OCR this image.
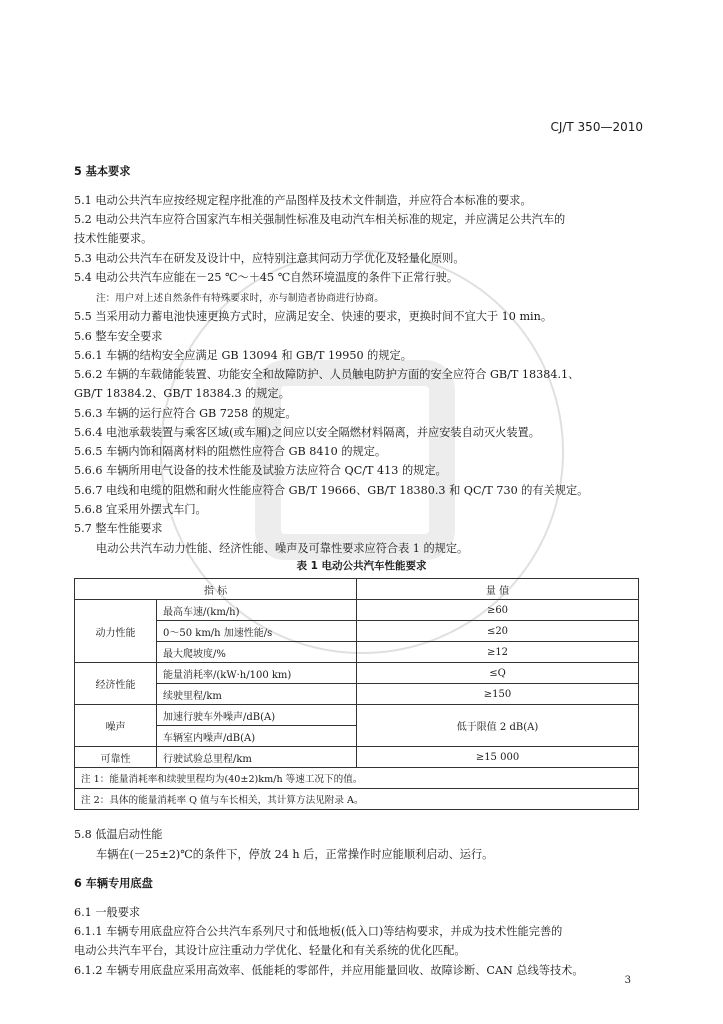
CJ/T 350—2010
5 基本要求
5.1 电动公共汽车应按经规定程序批准的产品图样及技术文件制造，并应符合本标准的要求。
5.2 电动公共汽车应符合国家汽车相关强制性标准及电动汽车相关标准的规定，并应满足公共汽车的
技术性能要求。
5.3 电动公共汽车在研发及设计中，应特别注意其问动力学优化及轻量化原则。
5.4 电动公共汽车应能在－25 ℃～＋45 ℃自然环境温度的条件下正常行驶。
注：用户对上述自然条件有特殊要求时，亦与制造者协商进行协商。
5.5 当采用动力蓄电池快速更换方式时，应满足安全、快速的要求，更换时间不宜大于 10 min。
5.6 整车安全要求
5.6.1 车辆的结构安全应满足 GB 13094 和 GB/T 19950 的规定。
5.6.2 车辆的车载储能装置、功能安全和故障防护、人员触电防护方面的安全应符合 GB/T 18384.1、
GB/T 18384.2、GB/T 18384.3 的规定。
5.6.3 车辆的运行应符合 GB 7258 的规定。
5.6.4 电池承载装置与乘客区域(或车厢)之间应以安全隔燃材料隔离，并应安装自动灭火装置。
5.6.5 车辆内饰和隔离材料的阻燃性应符合 GB 8410 的规定。
5.6.6 车辆所用电气设备的技术性能及试验方法应符合 QC/T 413 的规定。
5.6.7 电线和电缆的阻燃和耐火性能应符合 GB/T 19666、GB/T 18380.3 和 QC/T 730 的有关规定。
5.6.8 宜采用外摆式车门。
5.7 整车性能要求
电动公共汽车动力性能、经济性能、噪声及可靠性要求应符合表 1 的规定。
表 1 电动公共汽车性能要求
指 标		量 值
动力性能	最高车速/(km/h)	≥60
	0～50 km/h 加速性能/s	≤20
	最大爬坡度/%	≥12
经济性能	能量消耗率/(kW·h/100 km)	≤Q
	续驶里程/km	≥150
噪声	加速行驶车外噪声/dB(A)	低于限值 2 dB(A)
	车辆室内噪声/dB(A)	
可靠性	行驶试验总里程/km	≥15 000
注 1：能量消耗率和续驶里程均为(40±2)km/h 等速工况下的值。		
注 2：具体的能量消耗率 Q 值与车长相关，其计算方法见附录 A。		
5.8 低温启动性能
车辆在(－25±2)℃的条件下，停放 24 h 后，正常操作时应能顺利启动、运行。
6 车辆专用底盘
6.1 一般要求
6.1.1 车辆专用底盘应符合公共汽车系列尺寸和低地板(低入口)等结构要求，并成为技术性能完善的
电动公共汽车平台，其设计应注重动力学优化、轻量化和有关系统的优化匹配。
6.1.2 车辆专用底盘应采用高效率、低能耗的零部件，并应用能量回收、故障诊断、CAN 总线等技术。
3
